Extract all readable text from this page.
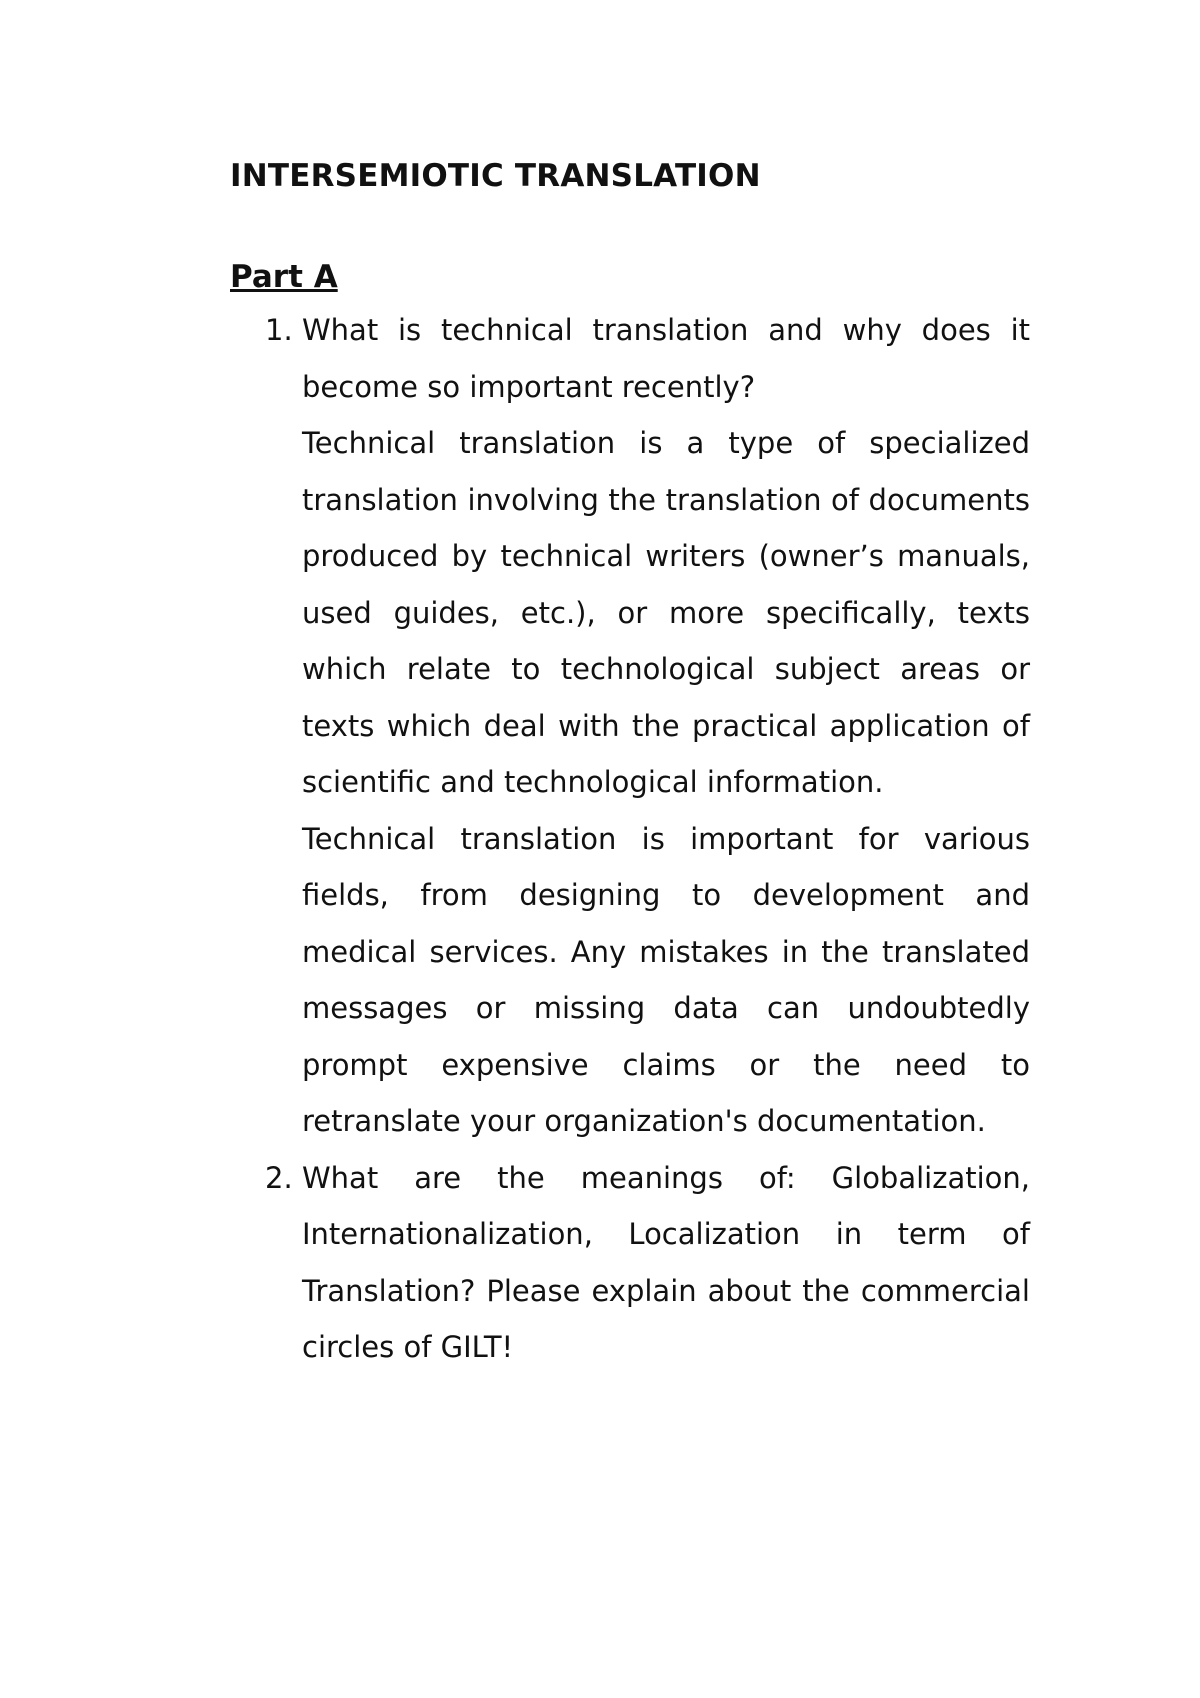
INTERSEMIOTIC TRANSLATION
Part A
1. What is technical translation and why does it become so important recently?

Technical translation is a type of specialized translation involving the translation of documents produced by technical writers (owner’s manuals, used guides, etc.), or more specifically, texts which relate to technological subject areas or texts which deal with the practical application of scientific and technological information.

Technical translation is important for various fields, from designing to development and medical services. Any mistakes in the translated messages or missing data can undoubtedly prompt expensive claims or the need to retranslate your organization's documentation.

2. What are the meanings of: Globalization, Internationalization, Localization in term of Translation? Please explain about the commercial circles of GILT!
